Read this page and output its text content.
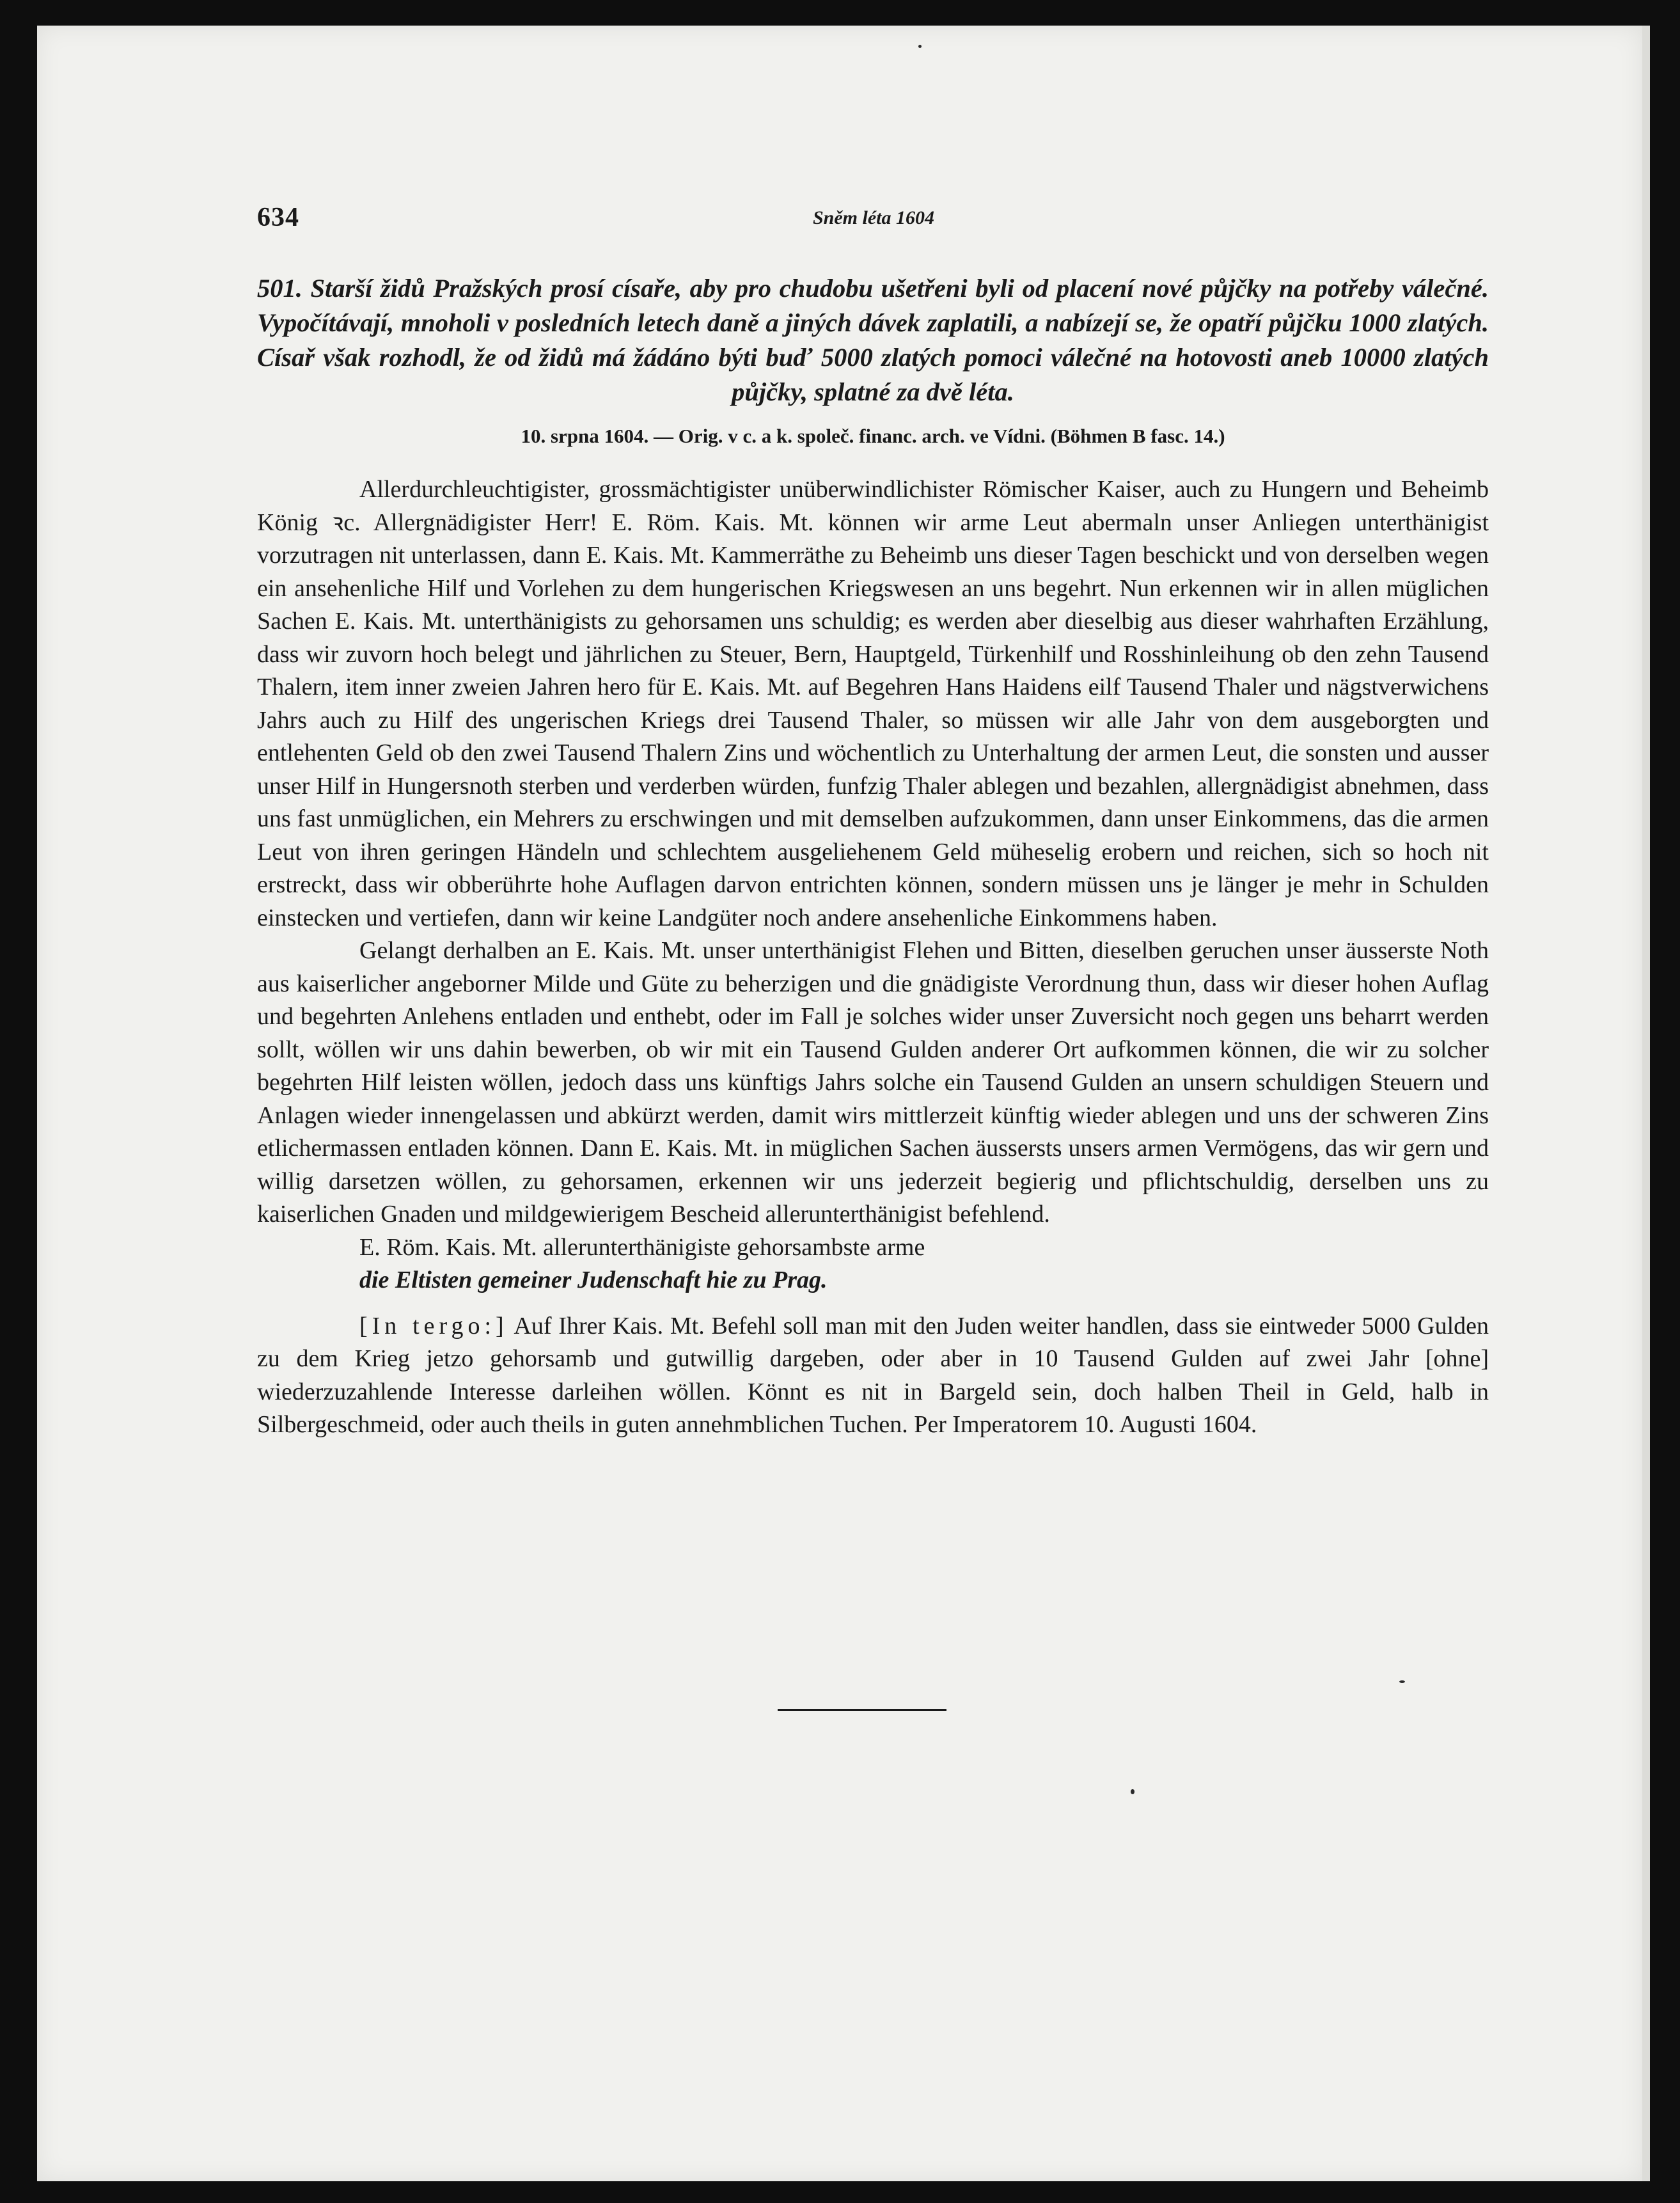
634	Sněm léta 1604

501. Starší židů Pražských prosí císaře, aby pro chudobu ušetřeni byli od placení nové půjčky na potřeby válečné. Vypočítávají, mnoholi v posledních letech daně a jiných dávek zaplatili, a nabízejí se, že opatří půjčku 1000 zlatých. Císař však rozhodl, že od židů má žádáno býti buď 5000 zlatých pomoci válečné na hotovosti aneb 10000 zlatých půjčky, splatné za dvě léta.

10. srpna 1604. — Orig. v c. a k. společ. financ. arch. ve Vídni. (Böhmen B fasc. 14.)

Allerdurchleuchtigister, grossmächtigister unüberwindlichister Römischer Kaiser, auch zu Hungern und Beheimb König ꝛc. Allergnädigister Herr! E. Röm. Kais. Mt. können wir arme Leut abermaln unser Anliegen unterthänigist vorzutragen nit unterlassen, dann E. Kais. Mt. Kammerräthe zu Beheimb uns dieser Tagen beschickt und von derselben wegen ein ansehenliche Hilf und Vorlehen zu dem hungerischen Kriegswesen an uns begehrt. Nun erkennen wir in allen müglichen Sachen E. Kais. Mt. unterthänigists zu gehorsamen uns schuldig; es werden aber dieselbig aus dieser wahrhaften Erzählung, dass wir zuvorn hoch belegt und jährlichen zu Steuer, Bern, Hauptgeld, Türkenhilf und Rosshinleihung ob den zehn Tausend Thalern, item inner zweien Jahren hero für E. Kais. Mt. auf Begehren Hans Haidens eilf Tausend Thaler und nägstverwichens Jahrs auch zu Hilf des ungerischen Kriegs drei Tausend Thaler, so müssen wir alle Jahr von dem ausgeborgten und entlehenten Geld ob den zwei Tausend Thalern Zins und wöchentlich zu Unterhaltung der armen Leut, die sonsten und ausser unser Hilf in Hungersnoth sterben und verderben würden, funfzig Thaler ablegen und bezahlen, allergnädigist abnehmen, dass uns fast unmüglichen, ein Mehrers zu erschwingen und mit demselben aufzukommen, dann unser Einkommens, das die armen Leut von ihren geringen Händeln und schlechtem ausgeliehenem Geld müheselig erobern und reichen, sich so hoch nit erstreckt, dass wir obberührte hohe Auflagen darvon entrichten können, sondern müssen uns je länger je mehr in Schulden einstecken und vertiefen, dann wir keine Landgüter noch andere ansehenliche Einkommens haben.

Gelangt derhalben an E. Kais. Mt. unser unterthänigist Flehen und Bitten, dieselben geruchen unser äusserste Noth aus kaiserlicher angeborner Milde und Güte zu beherzigen und die gnädigiste Verordnung thun, dass wir dieser hohen Auflag und begehrten Anlehens entladen und enthebt, oder im Fall je solches wider unser Zuversicht noch gegen uns beharrt werden sollt, wöllen wir uns dahin bewerben, ob wir mit ein Tausend Gulden anderer Ort aufkommen können, die wir zu solcher begehrten Hilf leisten wöllen, jedoch dass uns künftigs Jahrs solche ein Tausend Gulden an unsern schuldigen Steuern und Anlagen wieder innengelassen und abkürzt werden, damit wirs mittlerzeit künftig wieder ablegen und uns der schweren Zins etlichermassen entladen können. Dann E. Kais. Mt. in müglichen Sachen äussersts unsers armen Vermögens, das wir gern und willig darsetzen wöllen, zu gehorsamen, erkennen wir uns jederzeit begierig und pflichtschuldig, derselben uns zu kaiserlichen Gnaden und mildgewierigem Bescheid allerunterthänigist befehlend.

E. Röm. Kais. Mt. allerunterthänigiste gehorsambste arme

die Eltisten gemeiner Judenschaft hie zu Prag.

[In tergo:] Auf Ihrer Kais. Mt. Befehl soll man mit den Juden weiter handlen, dass sie eintweder 5000 Gulden zu dem Krieg jetzo gehorsamb und gutwillig dargeben, oder aber in 10 Tausend Gulden auf zwei Jahr [ohne] wiederzuzahlende Interesse darleihen wöllen. Könnt es nit in Bargeld sein, doch halben Theil in Geld, halb in Silbergeschmeid, oder auch theils in guten annehmblichen Tuchen. Per Imperatorem 10. Augusti 1604.
